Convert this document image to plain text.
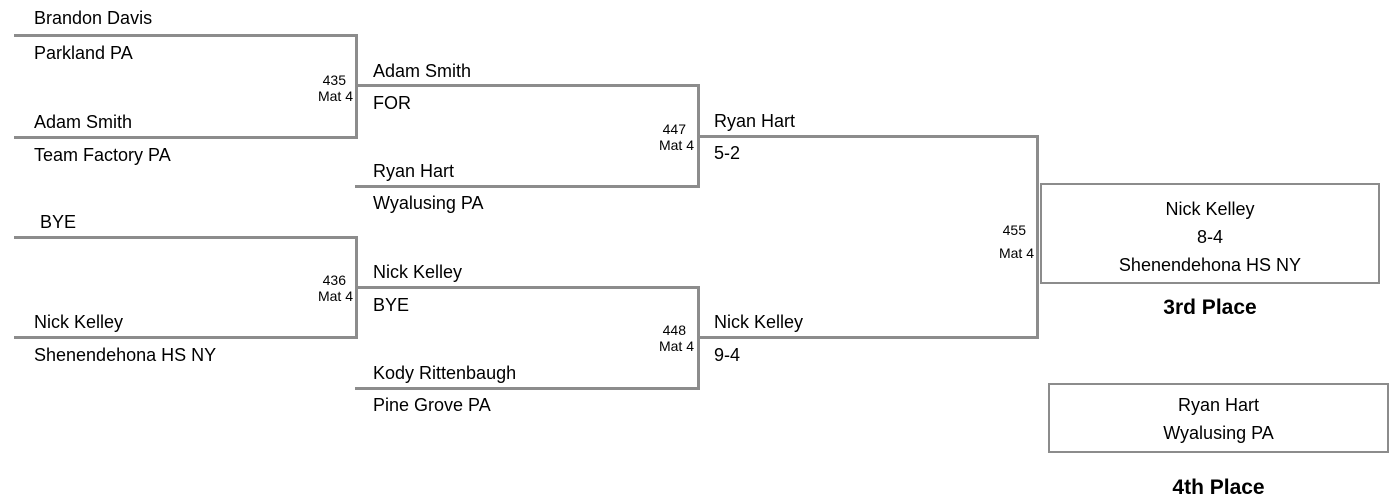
Brandon Davis
Parkland PA
435
Mat 4
Adam Smith
Team Factory PA
BYE
436
Mat 4
Nick Kelley
Shenendehona HS NY
Adam Smith
FOR
447
Mat 4
Ryan Hart
Wyalusing PA
Nick Kelley
BYE
448
Mat 4
Kody Rittenbaugh
Pine Grove PA
Ryan Hart
5-2
455
Mat 4
Nick Kelley
9-4
Nick Kelley
8-4
Shenendehona HS NY
3rd Place
Ryan Hart
Wyalusing PA
4th Place
